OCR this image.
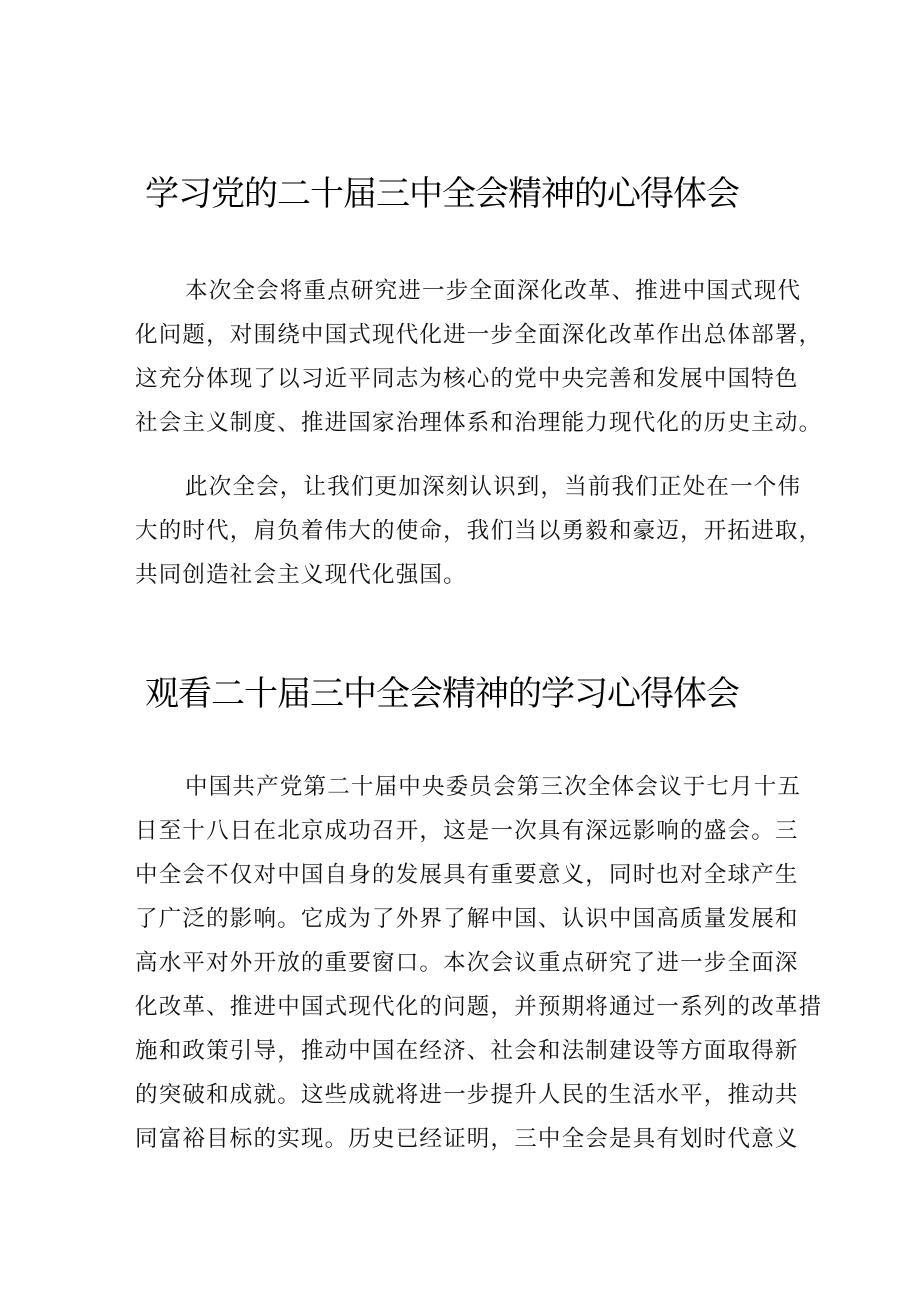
学习党的二十届三中全会精神的心得体会
本次全会将重点研究进一步全面深化改革、推进中国式现代
化问题，对围绕中国式现代化进一步全面深化改革作出总体部署，
这充分体现了以习近平同志为核心的党中央完善和发展中国特色
社会主义制度、推进国家治理体系和治理能力现代化的历史主动。
此次全会，让我们更加深刻认识到，当前我们正处在一个伟
大的时代，肩负着伟大的使命，我们当以勇毅和豪迈，开拓进取，
共同创造社会主义现代化强国。
观看二十届三中全会精神的学习心得体会
中国共产党第二十届中央委员会第三次全体会议于七月十五
日至十八日在北京成功召开，这是一次具有深远影响的盛会。三
中全会不仅对中国自身的发展具有重要意义，同时也对全球产生
了广泛的影响。它成为了外界了解中国、认识中国高质量发展和
高水平对外开放的重要窗口。本次会议重点研究了进一步全面深
化改革、推进中国式现代化的问题，并预期将通过一系列的改革措
施和政策引导，推动中国在经济、社会和法制建设等方面取得新
的突破和成就。这些成就将进一步提升人民的生活水平，推动共
同富裕目标的实现。历史已经证明，三中全会是具有划时代意义
